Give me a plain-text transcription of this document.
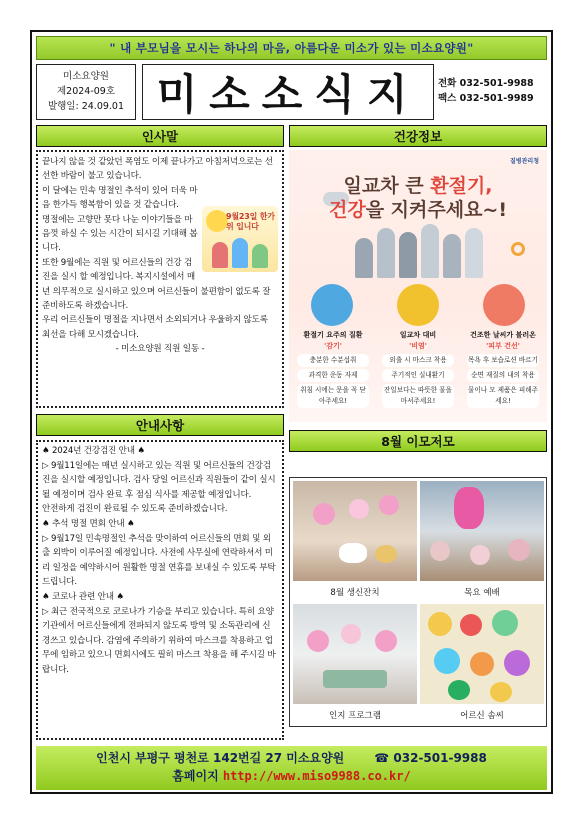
" 내 부모님을 모시는 하나의 마음, 아름다운 미소가 있는 미소요양원"
미소요양원
제2024-09호
발행일: 24.09.01 미소소식지	전화 032-501-9988
팩스 032-501-9989
인사말

끝나지 않을 것 같았던 폭염도 이제 끝나가고 아침저녁으로는 선선한 바람이 불고 있습니다.

9월23일 한가위 입니다

이 달에는 민속 명절인 추석이 있어 더욱 마음 한가득 행복함이 있을 것 같습니다.

명절에는 고향만 못다 나눈 이야기들을 마음껏 하실 수 있는 시간이 되시길 기대해 봅니다.

또한 9월에는 직원 및 어르신들의 건강 검진을 실시 할 예정입니다. 복지시설에서 매년 의무적으로 실시하고 있으며 어르신들이 불편함이 없도록 잘 준비하도록 하겠습니다.

우리 어르신들이 명절을 지나면서 소외되거나 우울하지 않도록 최선을 다해 모시겠습니다.

- 미소요양원 직원 일동 -

안내사항

♠ 2024년 건강검진 안내 ♠

▷ 9월11일에는 매년 실시하고 있는 직원 및 어르신들의 건강검진을 실시할 예정입니다. 검사 당일 어르신과 직원들이 같이 실시될 예정이며 검사 완료 후 점심 식사를 제공할 예정입니다.

안전하게 검진이 완료될 수 있도록 준비하겠습니다.

♠ 추석 명절 면회 안내 ♠

▷ 9월17일 민속명절인 추석을 맞이하여 어르신들의 면회 및 외출 외박이 이루어질 예정입니다. 사전에 사무실에 연락하셔서 미리 일정을 예약하시어 원활한 명절 연휴를 보내실 수 있도록 부탁드립니다.

♠ 코로나 관련 안내 ♠

▷ 최근 전국적으로 코로나가 기승을 부리고 있습니다. 특히 요양기관에서 어르신들에게 전파되지 않도록 방역 및 소독관리에 신경쓰고 있습니다. 감염에 주의하기 위하여 마스크를 착용하고 업무에 임하고 있으니 면회시에도 필히 마스크 착용을 해 주시길 바랍니다.

건강정보
질병관리청
일교차 큰 환절기,
건강을 지켜주세요~!
환절기 요주의 질환
'감기'
충분한 수분섭취
과격한 운동 자제
취침 시에는 문을 꼭 닫아주세요!
일교차 대비
'비염'
외출 시 마스크 착용
주기적인 실내환기
잔일보다는 따뜻한 물을 마셔주세요!
건조한 날씨가 불러온
'피부 건선'
목욕 후 보습로션 바르기
순면 재질의 내의 착용
물이나 모 제품은 피해주세요!
8월 이모저모
8월 생신잔치	목요 예배
인지 프로그램	어르신 솜씨
인천시 부평구 평천로 142번길 27 미소요양원	☎ 032-501-9988
홈페이지 http://www.miso9988.co.kr/
